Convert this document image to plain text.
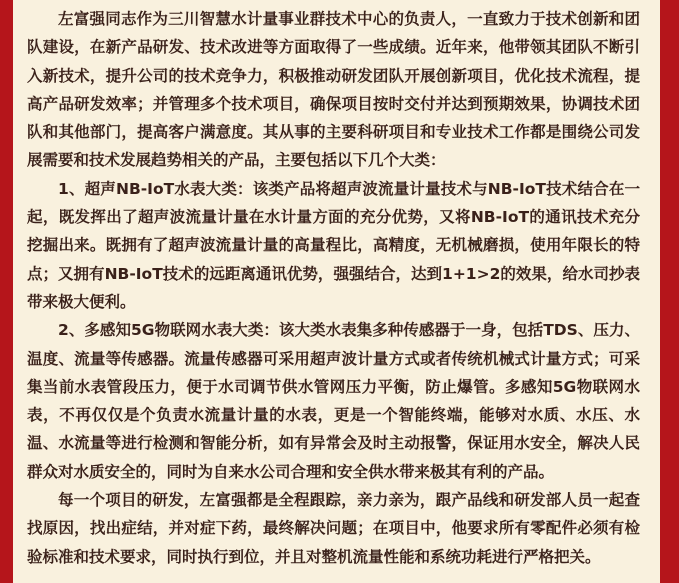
左富强同志作为三川智慧水计量事业群技术中心的负责人，一直致力于技术创新和团队建设，在新产品研发、技术改进等方面取得了一些成绩。近年来，他带领其团队不断引入新技术，提升公司的技术竞争力，积极推动研发团队开展创新项目，优化技术流程，提高产品研发效率；并管理多个技术项目，确保项目按时交付并达到预期效果，协调技术团队和其他部门，提高客户满意度。其从事的主要科研项目和专业技术工作都是围绕公司发展需要和技术发展趋势相关的产品，主要包括以下几个大类：

1、超声NB-IoT水表大类：该类产品将超声波流量计量技术与NB-IoT技术结合在一起，既发挥出了超声波流量计量在水计量方面的充分优势，又将NB-IoT的通讯技术充分挖掘出来。既拥有了超声波流量计量的高量程比，高精度，无机械磨损，使用年限长的特点；又拥有NB-IoT技术的远距离通讯优势，强强结合，达到1+1>2的效果，给水司抄表带来极大便利。

2、多感知5G物联网水表大类：该大类水表集多种传感器于一身，包括TDS、压力、温度、流量等传感器。流量传感器可采用超声波计量方式或者传统机械式计量方式；可采集当前水表管段压力，便于水司调节供水管网压力平衡，防止爆管。多感知5G物联网水表，不再仅仅是个负责水流量计量的水表，更是一个智能终端，能够对水质、水压、水温、水流量等进行检测和智能分析，如有异常会及时主动报警，保证用水安全，解决人民群众对水质安全的，同时为自来水公司合理和安全供水带来极其有利的产品。

每一个项目的研发，左富强都是全程跟踪，亲力亲为，跟产品线和研发部人员一起查找原因，找出症结，并对症下药，最终解决问题；在项目中，他要求所有零配件必须有检验标准和技术要求，同时执行到位，并且对整机流量性能和系统功耗进行严格把关。
